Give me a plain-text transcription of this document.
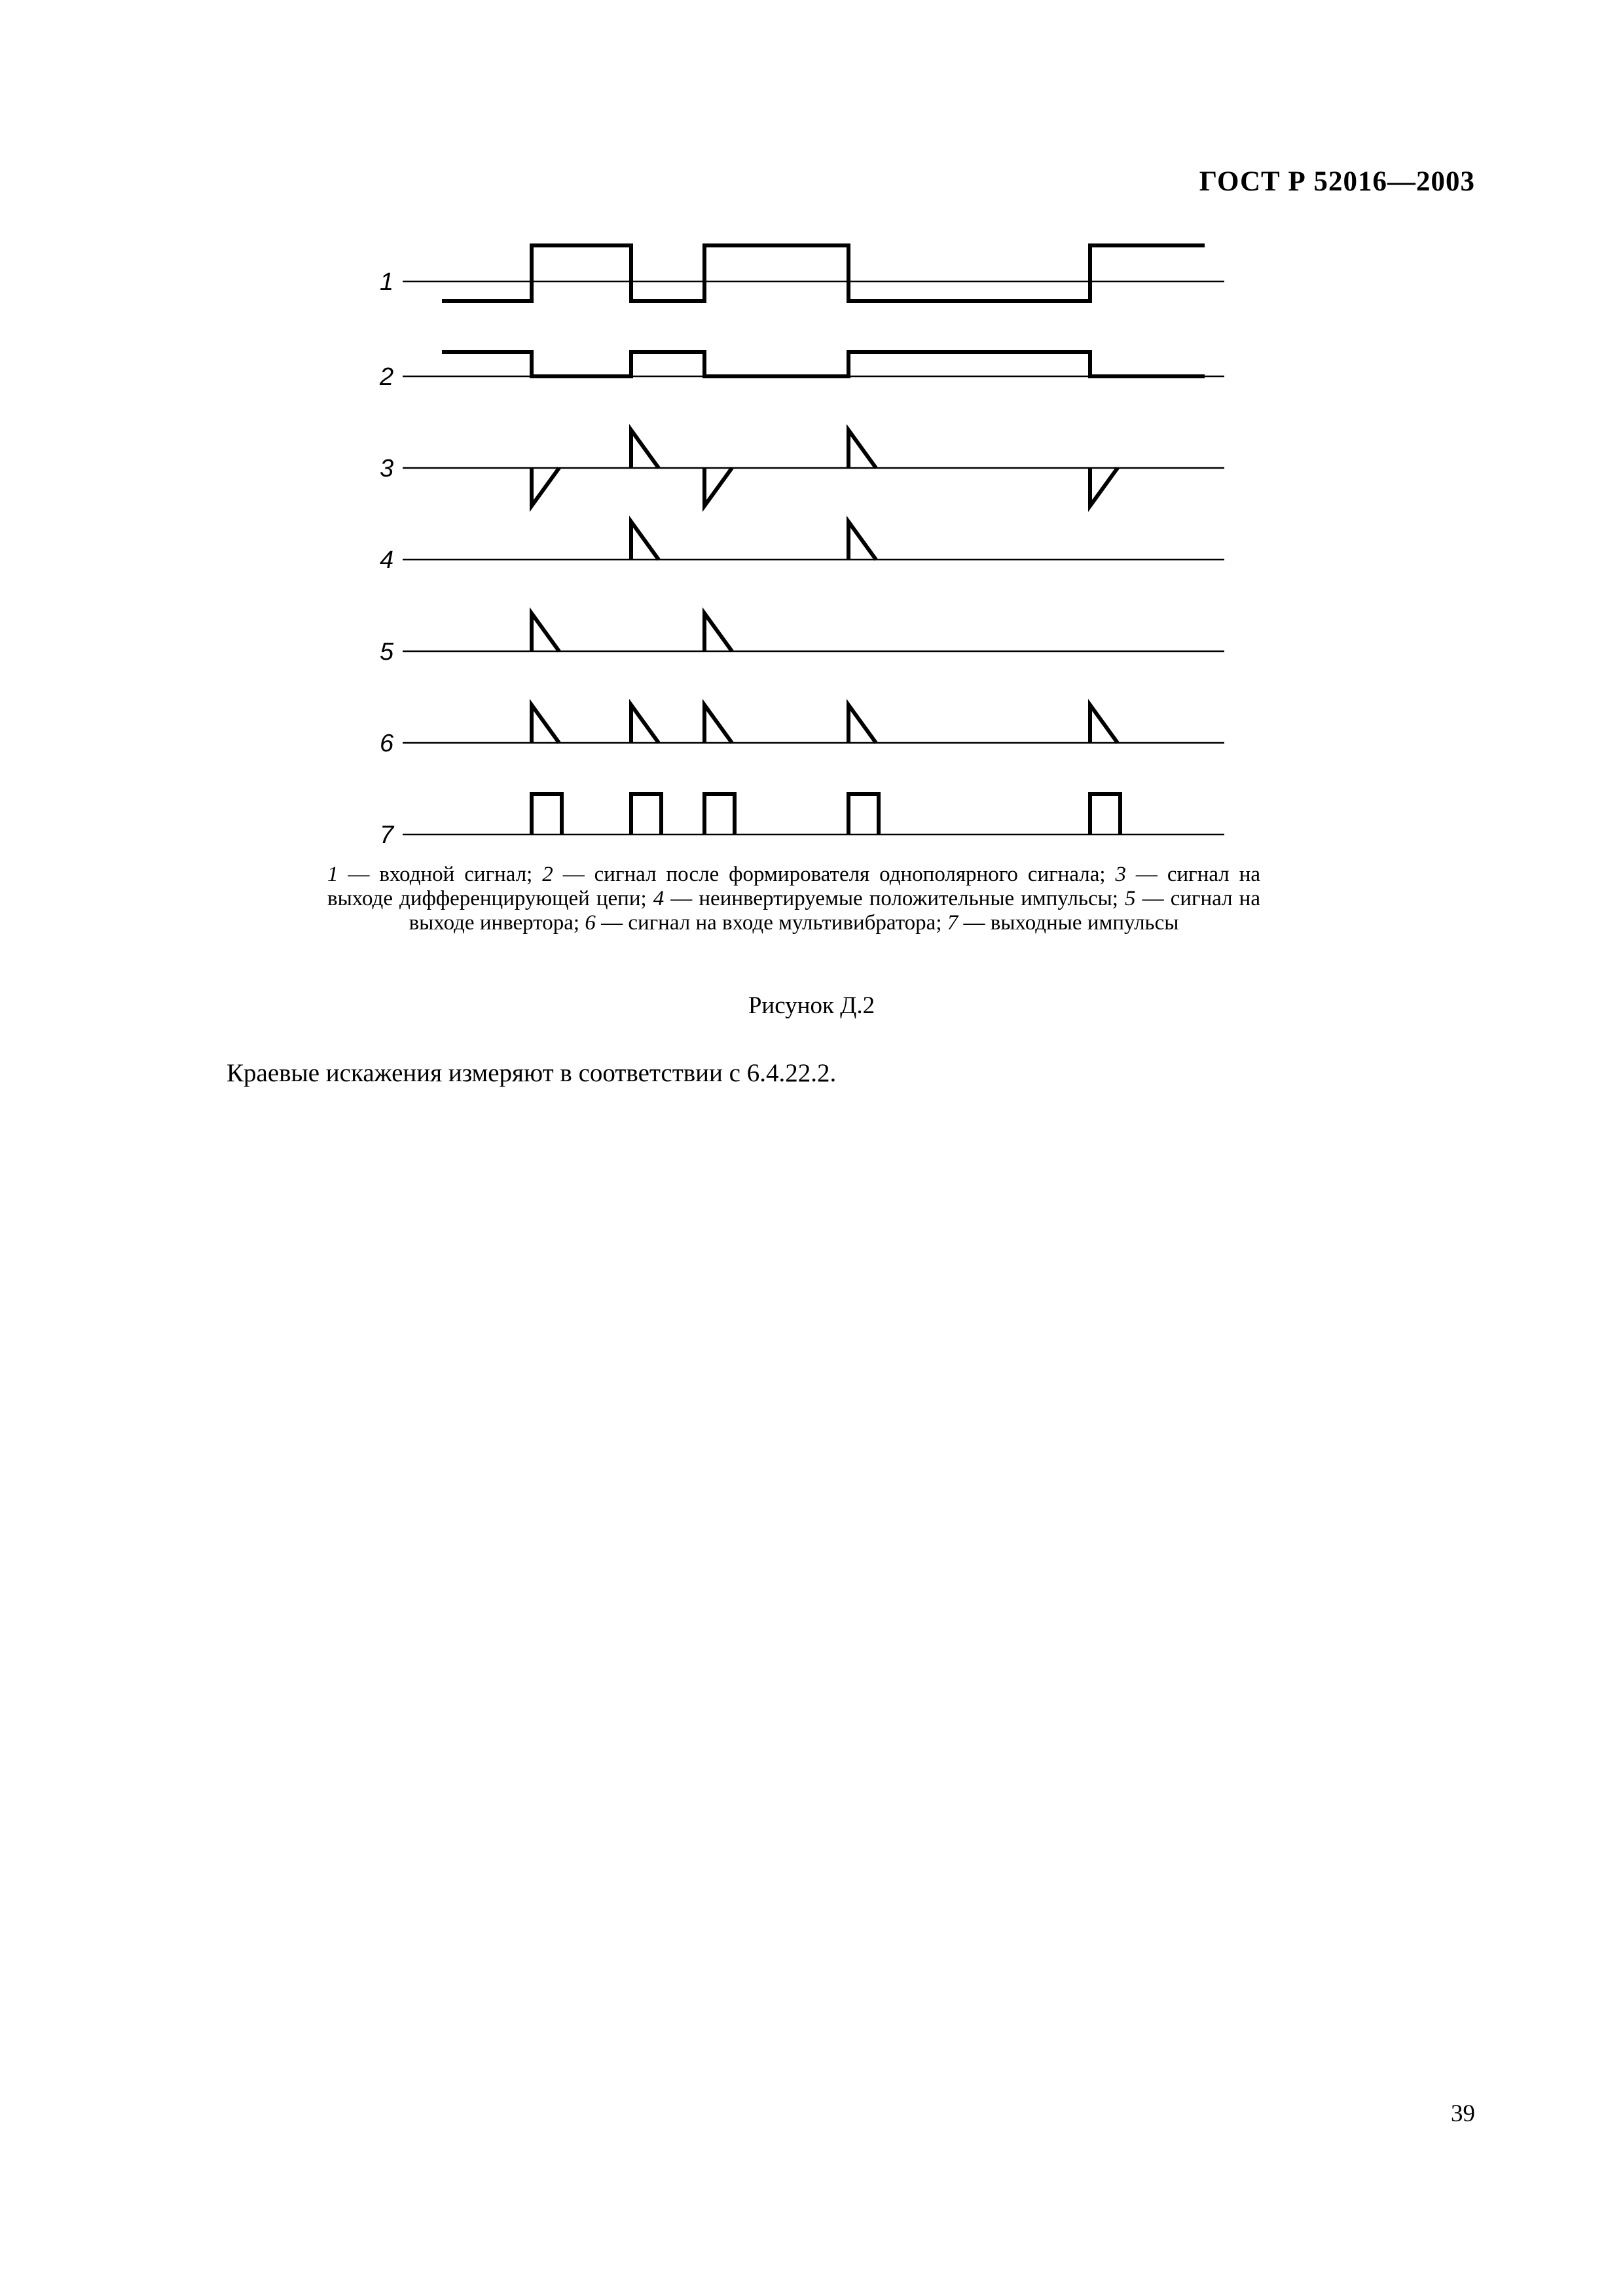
ГОСТ Р 52016—2003
1
2
3
4
5
6
7
1 — входной сигнал; 2 — сигнал после формирователя однополярного сигнала; 3 — сигнал на выходе дифференцирующей цепи; 4 — неинвертируемые положительные импульсы; 5 — сигнал на выходе инвертора; 6 — сигнал на входе мультивибратора; 7 — выходные импульсы
Рисунок Д.2
Краевые искажения измеряют в соответствии с 6.4.22.2.
39
